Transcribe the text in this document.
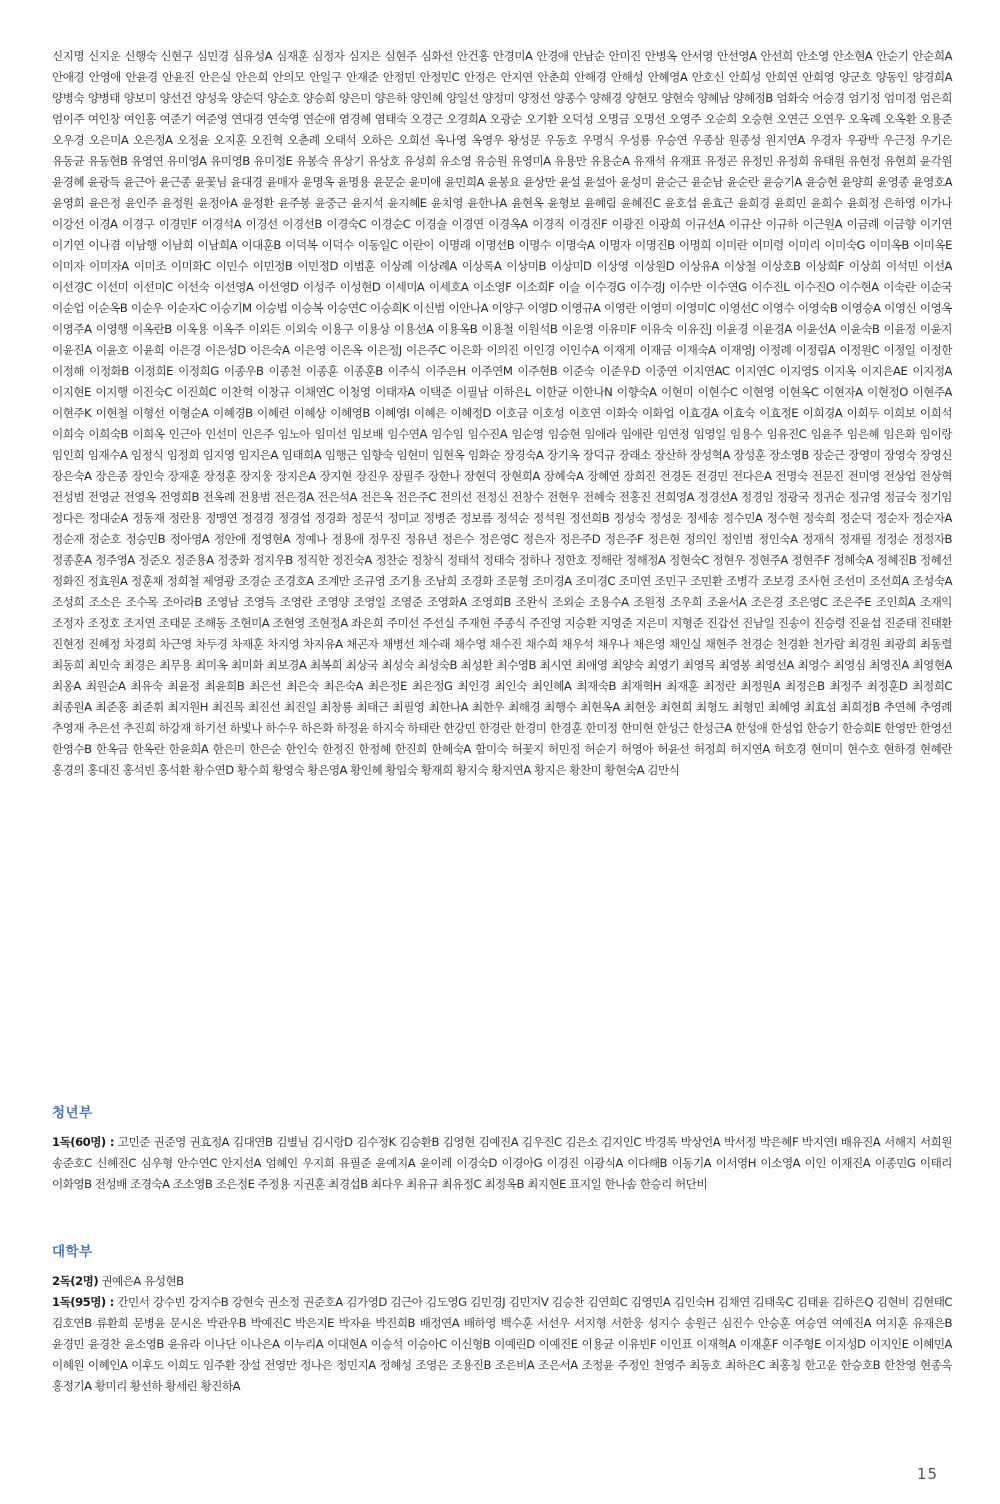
신지명 신지운 신행숙 신현구 심민경 심유성A 심재훈 심정자 심지은 심현주 심화선 안건홍 안경미A 안경애 안남순 안미진 안병옥 안서영 안선영A 안선희 안소영 안소현A 안순기 안순희A 안애경 안영애 안윤경 안윤진 안은실 안은희 안의모 안일구 안재준 안정민 안정민C 안정은 안지연 안춘희 안해경 안해성 안혜영A 안호신 안희성 안희연 안희영 양군호 양동인 양경희A 양병숙 양병태 양보미 양선건 양성욱 양순덕 양순호 양승희 양은미 양은하 양인혜 양일선 양정미 양정선 양종수 양해경 양현모 양현숙 양혜남 양혜정B 엄화숙 어승경 엄기정 엄미정 엄은희 엄이주 여인창 여인홍 여준기 여준영 연대경 연숙영 연순애 염경혜 염태숙 오경근 오경희A 오광순 오기환 오덕성 오명금 오명선 오영주 오순희 오승현 오연근 오연우 오옥례 오옥환 오용준 오우경 오은미A 오은정A 오정윤 오지훈 오진혁 오춘례 오태석 오하은 오희선 옥나영 옥영우 왕성문 우동호 우명식 우성룡 우승연 우종삼 원종성 원지연A 우경자 우광박 우근정 우기은 유동균 유동현B 유영연 유미영A 유미영B 유미정E 유봉숙 유상기 유상호 유성희 유소영 유승원 유영미A 유용만 유용순A 유재석 유재표 유정곤 유정민 유정희 유태원 유현정 유현희 윤각원 윤경혜 윤광득 윤근아 윤근종 윤꽃님 윤대경 윤매자 윤명옥 윤명용 윤문순 윤미애 윤민희A 윤봉요 윤상만 윤설 윤설아 윤성미 윤순근 윤순남 윤순란 윤승기A 윤승현 윤양희 윤영종 윤영호A 윤영희 윤은정 윤인주 윤정원 윤정아A 윤정환 윤주봉 윤중근 윤지석 윤지혜E 윤치영 윤한나A 윤현옥 윤형보 윤혜림 윤혜진C 윤호섭 윤효근 윤희경 윤희민 윤희수 윤희정 은하영 이가나 이강선 이경A 이경구 이경민F 이경석A 이경선 이경선B 이경숙C 이경순C 이경술 이경연 이경옥A 이경직 이경진F 이광진 이광희 이규선A 이규산 이규하 이근원A 이금례 이금향 이기연 이기연 이나겸 이남행 이남희 이남희A 이대훈B 이덕복 이덕수 이동일C 이란이 이명래 이명선B 이명수 이명숙A 이명자 이명진B 이명희 이미란 이미령 이미리 이미숙G 이미옥B 이미옥E 이미자 이미자A 이미조 이미화C 이민수 이민정B 이민정D 이범훈 이상례 이상례A 이상록A 이상미B 이상미D 이상영 이상원D 이상유A 이상철 이상호B 이상희F 이상희 이석민 이선A 이선경C 이선미 이선미C 이선숙 이선영A 이선영D 이성주 이성현D 이세미A 이세호A 이소영F 이소희F 이슬 이수경G 이수경J 이수만 이수연G 이수진L 이수진O 이수현A 이숙란 이순국 이순업 이순옥B 이순우 이순자C 이승기M 이승법 이승복 이승연C 이승희K 이신범 이안나A 이양구 이영D 이영규A 이영란 이영미 이영미C 이영선C 이영수 이영숙B 이영승A 이영신 이영옥 이영주A 이영행 이옥란B 이옥용 이옥주 이외든 이외숙 이용구 이용상 이용선A 이용옥B 이용철 이원석B 이운영 이유미F 이유숙 이유진J 이윤경 이윤경A 이윤선A 이윤숙B 이윤정 이윤지 이윤진A 이윤호 이윤희 이은경 이은성D 이은숙A 이은영 이은옥 이은정J 이은주C 이은화 이의진 이인경 이인수A 이재게 이재금 이재숙A 이재영J 이정례 이정림A 이정원C 이정일 이정한 이정해 이정화B 이정희E 이정희G 이종우B 이종천 이종훈 이종훈B 이주식 이주은H 이주연M 이주현B 이준숙 이준우D 이중연 이지연AC 이지연C 이지영S 이지옥 이지은AE 이지정A 이지현E 이지행 이진숙C 이진희C 이찬혁 이창규 이채연C 이청영 이태자A 이택준 이필남 이하은L 이한균 이한나N 이향숙A 이현미 이현수C 이현영 이현옥C 이현자A 이현정O 이현주A 이현주K 이현철 이형선 이형순A 이혜경B 이혜련 이혜상 이혜영B 이혜영I 이혜은 이혜정D 이호금 이호성 이호연 이화숙 이화업 이효경A 이효숙 이효정E 이희경A 이희두 이희보 이희석 이희숙 이희숙B 이희옥 인근아 인선미 인은주 임노아 임미선 임보배 임수연A 임수임 임수진A 임순영 임승현 임애라 임애란 임연정 임영일 임용수 임유진C 임윤주 임은혜 임은화 임이랑 임인희 임재수A 임정식 임정희 임지영 임지은A 임태희A 임행근 임향숙 임현미 임현옥 임화순 장경숙A 장기옥 장덕규 장래소 장산하 장성혁A 장성훈 장소영B 장순근 장영미 장영숙 장영신 장은숙A 장은종 장인숙 장재훈 장정훈 장지웅 장지은A 장지현 장진우 장필주 장한나 장현덕 장현희A 장혜숙A 장혜연 장희진 전경돈 전경민 전다은A 전명숙 전문진 전미영 전상업 전상혁 전성범 전영균 전영옥 전영희B 전옥례 전용범 전은경A 전은석A 전은옥 전은주C 전의선 전정신 전창수 전현우 전혜숙 전홍진 전희영A 정경선A 정경임 정광국 정귀순 정규영 정금숙 정기임 정다은 정대순A 정동재 정란용 정맹연 정경경 정경섭 정경화 정문석 정미교 정병준 정보름 정석순 정석원 정선희B 정성숙 정성운 정세송 정수민A 정수현 정숙희 정순덕 정순자 정순자A 정순재 정순호 정승민B 정아영A 정안애 정영현A 정예나 정용애 정우진 정유년 정은수 정은영C 정은자 정은주D 정은주F 정은현 정의인 정인범 정인숙A 정재식 정재필 정정순 정정자B 정종훈A 정주영A 정준오 정준용A 정중화 정지우B 정직한 정진숙A 정찬순 정창식 정태석 정태숙 정하나 정한호 정해란 정해정A 정현숙C 정현우 정현주A 정현주F 정혜숙A 정혜진B 정혜선 정화진 정효원A 정훈채 정희철 제영광 조경순 조경호A 조계만 조규영 조기용 조남희 조경화 조문형 조미경A 조미경C 조미연 조민구 조민환 조병각 조보경 조사현 조선미 조선희A 조성숙A 조성희 조소은 조수목 조아라B 조영남 조영득 조영란 조영양 조영일 조영준 조영화A 조영희B 조완식 조외순 조용수A 조원정 조우희 조윤서A 조은경 조은영C 조은주E 조인희A 조재익 조정자 조정호 조지연 조태문 조해동 조현미A 조현영 조현정A 좌은희 주미선 주선실 주재현 주종식 주진영 지승환 지영준 지은미 지형준 진갑선 진남일 진송이 진승령 진윤섭 진준태 진태환 진현정 진혜정 차경희 차근영 차두경 차재훈 차지영 차지유A 채곤자 채병선 채수래 채수영 채수진 채수희 채우석 채우나 채은영 채인실 채현주 천경순 천경환 천가람 최경원 최광희 최동렬 최동희 최민숙 최경은 최무용 최미옥 최미화 최보경A 최복희 최상국 최성숙 최성숙B 최성환 최수영B 최시연 최애영 최양숙 최영기 최영목 최영봉 최영선A 최영수 최영심 최영진A 최영현A 최옹A 최원순A 최유숙 최윤정 최윤희B 최은선 최은숙 최은숙A 최은정E 최은정G 최인경 최인숙 최인혜A 최재숙B 최재혁H 최재훈 최정란 최정원A 최정은B 최정주 최정훈D 최정희C 최종원A 최준홍 최준휘 최지원H 최진목 최진선 최진일 최창룡 최태근 최필영 최한나A 최한우 최해경 최행수 최현옥A 최현웅 최현희 최형도 최형민 최혜영 최효섬 최희정B 추연혜 추영례 추영재 추은선 추진희 하강재 하기선 하빛나 하수우 하은화 하정윤 하지숙 하태란 한강민 한경란 한경미 한경훈 한미정 한미현 한성근 한성근A 한성애 한성업 한승기 한승희E 한영만 한영선 한영수B 한옥금 한옥란 한윤희A 한은미 한은순 한인숙 한정진 한정혜 한진희 한혜숙A 함미숙 허꽃지 허민정 허순기 허영아 허윤선 허정희 허지연A 허호경 현미미 현수호 현하경 현혜란 홍경의 홍대진 홍석빈 홍석환 황수연D 황수희 황영숙 황은영A 황인혜 황임숙 황재희 황지숙 황지연A 황지은 황찬미 황현숙A 김만식

청년부

1독(60명) : 고민준 권준영 권효정A 김대연B 김별님 김시랑D 김수정K 김승환B 김영현 김예진A 김우진C 김은소 김지인C 박경록 박상언A 박서정 박은혜F 박지연I 배유진A 서해지 서희원 송준호C 신혜진C 심우형 안수연C 안지선A 엄혜인 우지희 유필준 윤예지A 윤이레 이경숙D 이경아G 이경진 이광식A 이다해B 이동기A 이서영H 이소영A 이인 이재진A 이종민G 이태리 이화영B 전성배 조경숙A 조소영B 조은정E 주정용 지권훈 최경섭B 최다우 최유규 최유정C 최정옥B 최지현E 표지일 한나솜 한승리 허단비

대학부

2독(2명) 권예은A 유성현B

1독(95명) : 간민서 강수빈 강지수B 강현숙 권소정 권준호A 김가영D 김근아 김도영G 김민경J 김민지V 김승찬 김연희C 김영민A 김인숙H 김채연 김태욱C 김태윤 김하은Q 김현비 김현태C 김호연B 류환희 문병윤 문시온 박관우B 박예진C 박은지E 박자윤 박진희B 배정연A 배하영 백수훈 서선우 서지형 서한웅 성지수 송원근 심진수 안승훈 여승연 여예진A 여지훈 유재은B 윤경민 윤경찬 윤소영B 윤유라 이나단 이나은A 이누리A 이대현A 이승석 이승아C 이신형B 이예린D 이예진E 이용균 이유빈F 이인표 이재혁A 이재훈F 이주형E 이지성D 이지인E 이혜민A 이혜원 이혜인A 이후도 이희도 임주환 장설 전영만 정나은 정민지A 정혜성 조영은 조용진B 조은비A 조은서A 조정윤 주정인 천영주 최동호 최하은C 최홍칭 한고운 한승호B 한찬영 현종욱 홍정기A 황미리 황선하 황세린 황진하A

15
